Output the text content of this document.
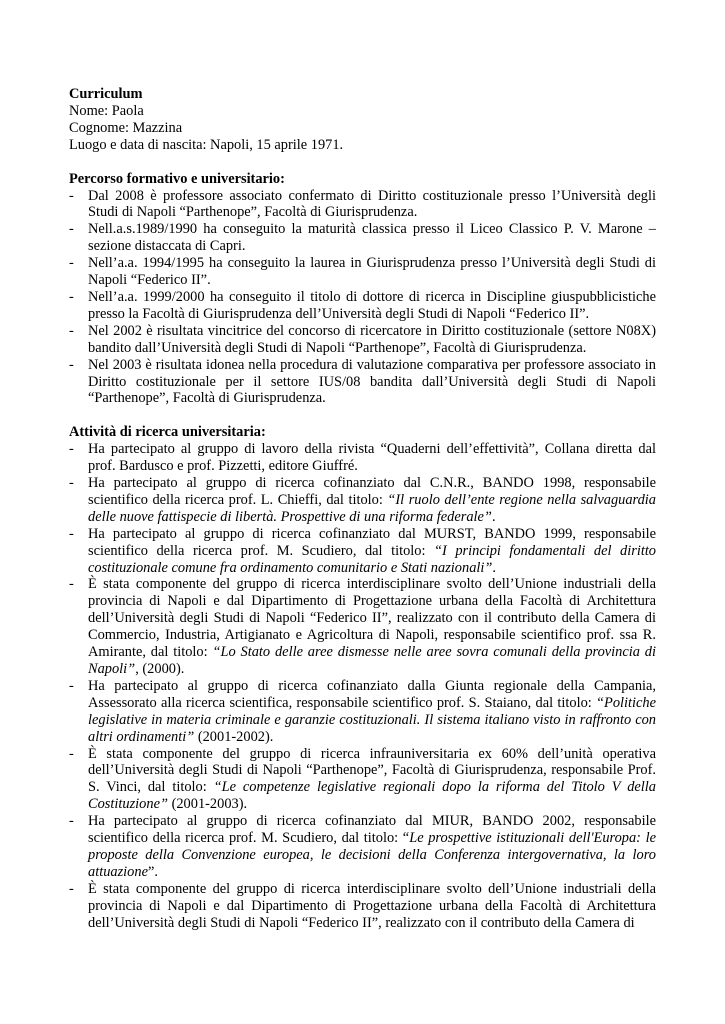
Curriculum
Nome: Paola
Cognome: Mazzina
Luogo e data di nascita: Napoli, 15 aprile 1971.
Percorso formativo e universitario:
- Dal 2008 è professore associato confermato di Diritto costituzionale presso l’Università degli Studi di Napoli “Parthenope”, Facoltà di Giurisprudenza.
- Nell.a.s.1989/1990 ha conseguito la maturità classica presso il Liceo Classico P. V. Marone – sezione distaccata di Capri.
- Nell’a.a. 1994/1995 ha conseguito la laurea in Giurisprudenza presso l’Università degli Studi di Napoli “Federico II”.
- Nell’a.a. 1999/2000 ha conseguito il titolo di dottore di ricerca in Discipline giuspubblicistiche presso la Facoltà di Giurisprudenza dell’Università degli Studi di Napoli “Federico II”.
- Nel 2002 è risultata vincitrice del concorso di ricercatore in Diritto costituzionale (settore N08X) bandito dall’Università degli Studi di Napoli “Parthenope”, Facoltà di Giurisprudenza.
- Nel 2003 è risultata idonea nella procedura di valutazione comparativa per professore associato in Diritto costituzionale per il settore IUS/08 bandita dall’Università degli Studi di Napoli “Parthenope”, Facoltà di Giurisprudenza.
Attività di ricerca universitaria:
- Ha partecipato al gruppo di lavoro della rivista “Quaderni dell’effettività”, Collana diretta dal prof. Bardusco e prof. Pizzetti, editore Giuffré.
- Ha partecipato al gruppo di ricerca cofinanziato dal C.N.R., BANDO 1998, responsabile scientifico della ricerca prof. L. Chieffi, dal titolo: “Il ruolo dell’ente regione nella salvaguardia delle nuove fattispecie di libertà. Prospettive di una riforma federale”.
- Ha partecipato al gruppo di ricerca cofinanziato dal MURST, BANDO 1999, responsabile scientifico della ricerca prof. M. Scudiero, dal titolo: “I principi fondamentali del diritto costituzionale comune fra ordinamento comunitario e Stati nazionali”.
- È stata componente del gruppo di ricerca interdisciplinare svolto dell’Unione industriali della provincia di Napoli e dal Dipartimento di Progettazione urbana della Facoltà di Architettura dell’Università degli Studi di Napoli “Federico II”, realizzato con il contributo della Camera di Commercio, Industria, Artigianato e Agricoltura di Napoli, responsabile scientifico prof. ssa R. Amirante, dal titolo: “Lo Stato delle aree dismesse nelle aree sovra comunali della provincia di Napoli”, (2000).
- Ha partecipato al gruppo di ricerca cofinanziato dalla Giunta regionale della Campania, Assessorato alla ricerca scientifica, responsabile scientifico prof. S. Staiano, dal titolo: “Politiche legislative in materia criminale e garanzie costituzionali. Il sistema italiano visto in raffronto con altri ordinamenti” (2001-2002).
- È stata componente del gruppo di ricerca infrauniversitaria ex 60% dell’unità operativa dell’Università degli Studi di Napoli “Parthenope”, Facoltà di Giurisprudenza, responsabile Prof. S. Vinci, dal titolo: “Le competenze legislative regionali dopo la riforma del Titolo V della Costituzione” (2001-2003).
- Ha partecipato al gruppo di ricerca cofinanziato dal MIUR, BANDO 2002, responsabile scientifico della ricerca prof. M. Scudiero, dal titolo: “Le prospettive istituzionali dell'Europa: le proposte della Convenzione europea, le decisioni della Conferenza intergovernativa, la loro attuazione”.
- È stata componente del gruppo di ricerca interdisciplinare svolto dell’Unione industriali della provincia di Napoli e dal Dipartimento di Progettazione urbana della Facoltà di Architettura dell’Università degli Studi di Napoli “Federico II”, realizzato con il contributo della Camera di
